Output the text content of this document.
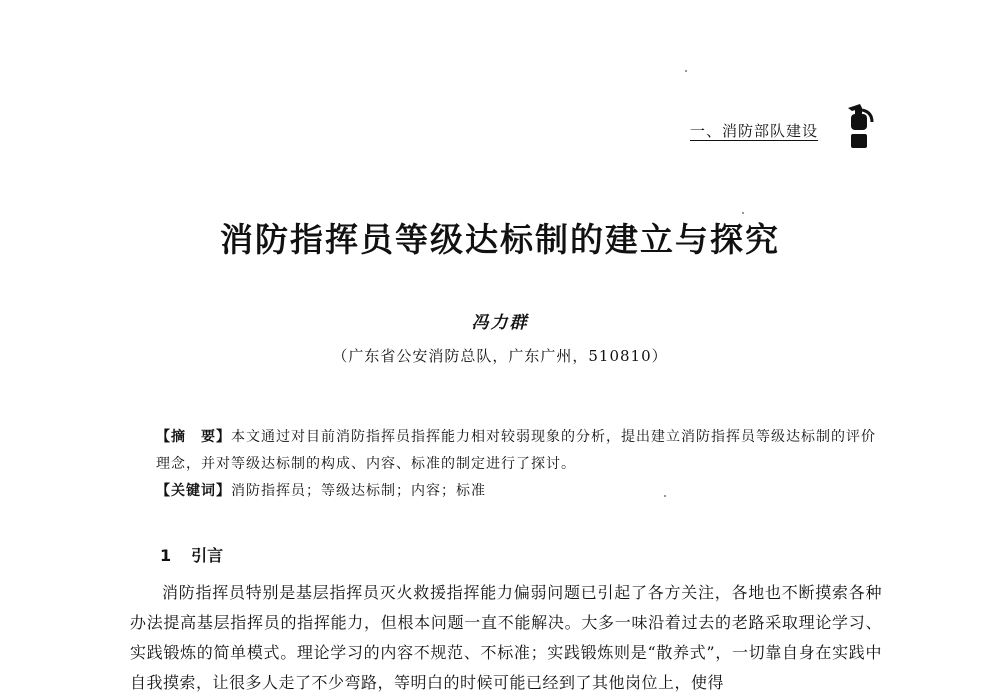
一、消防部队建设
消防指挥员等级达标制的建立与探究
冯力群
（广东省公安消防总队，广东广州，510810）

【摘　要】本文通过对目前消防指挥员指挥能力相对较弱现象的分析，提出建立消防指挥员等级达标制的评价理念，并对等级达标制的构成、内容、标准的制定进行了探讨。

【关键词】消防指挥员；等级达标制；内容；标准

1 引言

消防指挥员特别是基层指挥员灭火救援指挥能力偏弱问题已引起了各方关注，各地也不断摸索各种办法提高基层指挥员的指挥能力，但根本问题一直不能解决。大多一味沿着过去的老路采取理论学习、实践锻炼的简单模式。理论学习的内容不规范、不标准；实践锻炼则是“散养式”，一切靠自身在实践中自我摸索，让很多人走了不少弯路，等明白的时候可能已经到了其他岗位上，使得
